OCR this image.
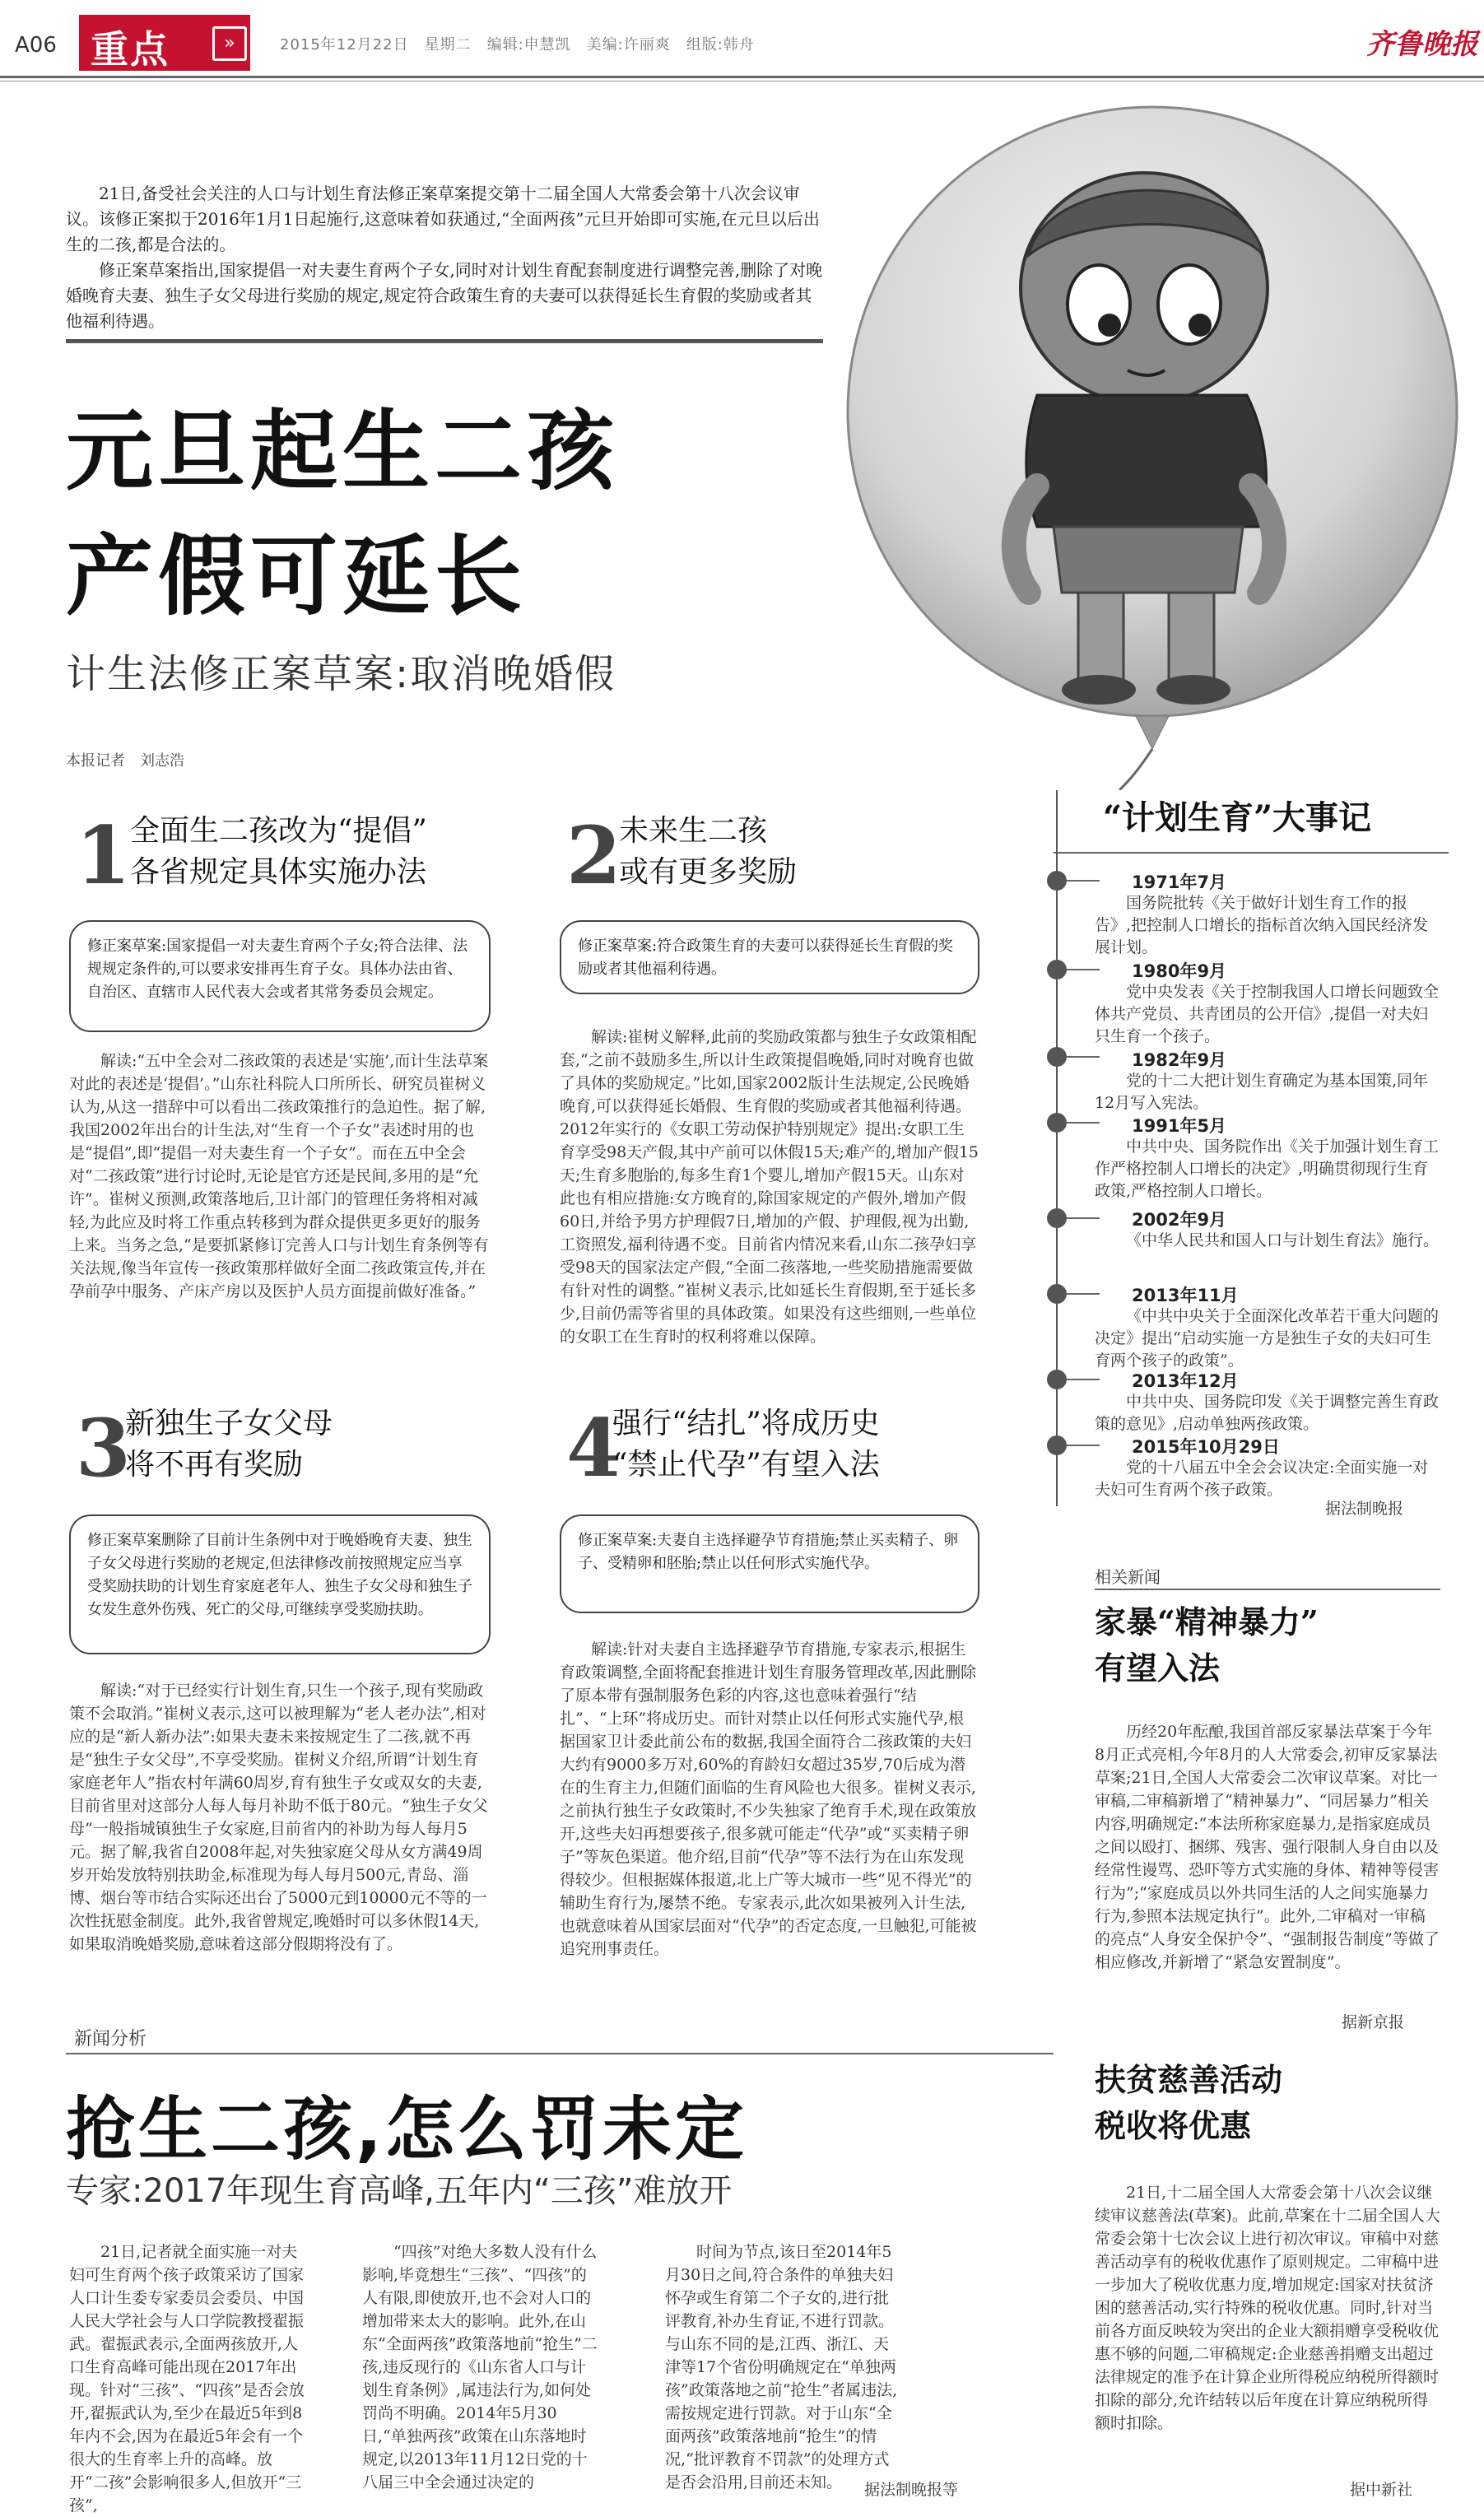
A06 重点	»	2015年12月22日　星期二　编辑:申慧凯　美编:许丽爽　组版:韩舟	齐鲁晚报
21日,备受社会关注的人口与计划生育法修正案草案提交第十二届全国人大常委会第十八次会议审议。该修正案拟于2016年1月1日起施行,这意味着如获通过,“全面两孩”元旦开始即可实施,在元旦以后出生的二孩,都是合法的。
修正案草案指出,国家提倡一对夫妻生育两个子女,同时对计划生育配套制度进行调整完善,删除了对晚婚晚育夫妻、独生子女父母进行奖励的规定,规定符合政策生育的夫妻可以获得延长生育假的奖励或者其他福利待遇。
元旦起生二孩
产假可延长
计生法修正案草案:取消晚婚假
本报记者　刘志浩
1 全面生二孩改为“提倡”
各省规定具体实施办法
修正案草案:国家提倡一对夫妻生育两个子女;符合法律、法规规定条件的,可以要求安排再生育子女。具体办法由省、自治区、直辖市人民代表大会或者其常务委员会规定。
解读:“五中全会对二孩政策的表述是‘实施’,而计生法草案对此的表述是‘提倡’。”山东社科院人口所所长、研究员崔树义认为,从这一措辞中可以看出二孩政策推行的急迫性。据了解,我国2002年出台的计生法,对“生育一个子女”表述时用的也是“提倡”,即“提倡一对夫妻生育一个子女”。而在五中全会对“二孩政策”进行讨论时,无论是官方还是民间,多用的是“允许”。崔树义预测,政策落地后,卫计部门的管理任务将相对减轻,为此应及时将工作重点转移到为群众提供更多更好的服务上来。当务之急,“是要抓紧修订完善人口与计划生育条例等有关法规,像当年宣传一孩政策那样做好全面二孩政策宣传,并在孕前孕中服务、产床产房以及医护人员方面提前做好准备。”
2
未来生二孩
或有更多奖励
修正案草案:符合政策生育的夫妻可以获得延长生育假的奖励或者其他福利待遇。
解读:崔树义解释,此前的奖励政策都与独生子女政策相配套,“之前不鼓励多生,所以计生政策提倡晚婚,同时对晚育也做了具体的奖励规定。”比如,国家2002版计生法规定,公民晚婚晚育,可以获得延长婚假、生育假的奖励或者其他福利待遇。2012年实行的《女职工劳动保护特别规定》提出:女职工生育享受98天产假,其中产前可以休假15天;难产的,增加产假15天;生育多胞胎的,每多生育1个婴儿,增加产假15天。山东对此也有相应措施:女方晚育的,除国家规定的产假外,增加产假60日,并给予男方护理假7日,增加的产假、护理假,视为出勤,工资照发,福利待遇不变。目前省内情况来看,山东二孩孕妇享受98天的国家法定产假,“全面二孩落地,一些奖励措施需要做有针对性的调整。”崔树义表示,比如延长生育假期,至于延长多少,目前仍需等省里的具体政策。如果没有这些细则,一些单位的女职工在生育时的权利将难以保障。
3
新独生子女父母
将不再有奖励
修正案草案删除了目前计生条例中对于晚婚晚育夫妻、独生子女父母进行奖励的老规定,但法律修改前按照规定应当享受奖励扶助的计划生育家庭老年人、独生子女父母和独生子女发生意外伤残、死亡的父母,可继续享受奖励扶助。
解读:“对于已经实行计划生育,只生一个孩子,现有奖励政策不会取消。”崔树义表示,这可以被理解为“老人老办法”,相对应的是“新人新办法”:如果夫妻未来按规定生了二孩,就不再是“独生子女父母”,不享受奖励。崔树义介绍,所谓“计划生育家庭老年人”指农村年满60周岁,育有独生子女或双女的夫妻,目前省里对这部分人每人每月补助不低于80元。“独生子女父母”一般指城镇独生子女家庭,目前省内的补助为每人每月5元。据了解,我省自2008年起,对失独家庭父母从女方满49周岁开始发放特别扶助金,标准现为每人每月500元,青岛、淄博、烟台等市结合实际还出台了5000元到10000元不等的一次性抚慰金制度。此外,我省曾规定,晚婚时可以多休假14天,如果取消晚婚奖励,意味着这部分假期将没有了。
4
强行“结扎”将成历史
“禁止代孕”有望入法
修正案草案:夫妻自主选择避孕节育措施;禁止买卖精子、卵子、受精卵和胚胎;禁止以任何形式实施代孕。
解读:针对夫妻自主选择避孕节育措施,专家表示,根据生育政策调整,全面将配套推进计划生育服务管理改革,因此删除了原本带有强制服务色彩的内容,这也意味着强行“结扎”、“上环”将成历史。而针对禁止以任何形式实施代孕,根据国家卫计委此前公布的数据,我国全面符合二孩政策的夫妇大约有9000多万对,60%的育龄妇女超过35岁,70后成为潜在的生育主力,但随们面临的生育风险也大很多。崔树义表示,之前执行独生子女政策时,不少失独家了绝育手术,现在政策放开,这些夫妇再想要孩子,很多就可能走“代孕”或“买卖精子卵子”等灰色渠道。他介绍,目前“代孕”等不法行为在山东发现得较少。但根据媒体报道,北上广等大城市一些“见不得光”的辅助生育行为,屡禁不绝。专家表示,此次如果被列入计生法,也就意味着从国家层面对“代孕”的否定态度,一旦触犯,可能被追究刑事责任。
“计划生育”大事记
1971年7月
国务院批转《关于做好计划生育工作的报告》,把控制人口增长的指标首次纳入国民经济发展计划。
1980年9月
党中央发表《关于控制我国人口增长问题致全体共产党员、共青团员的公开信》,提倡一对夫妇只生育一个孩子。
1982年9月
党的十二大把计划生育确定为基本国策,同年12月写入宪法。
1991年5月
中共中央、国务院作出《关于加强计划生育工作严格控制人口增长的决定》,明确贯彻现行生育政策,严格控制人口增长。
2002年9月
《中华人民共和国人口与计划生育法》施行。
2013年11月
《中共中央关于全面深化改革若干重大问题的决定》提出“启动实施一方是独生子女的夫妇可生育两个孩子的政策”。
2013年12月
中共中央、国务院印发《关于调整完善生育政策的意见》,启动单独两孩政策。
2015年10月29日
党的十八届五中全会会议决定:全面实施一对夫妇可生育两个孩子政策。
据法制晚报
相关新闻
家暴“精神暴力”
有望入法
历经20年酝酿,我国首部反家暴法草案于今年8月正式亮相,今年8月的人大常委会,初审反家暴法草案;21日,全国人大常委会二次审议草案。对比一审稿,二审稿新增了“精神暴力”、“同居暴力”相关内容,明确规定:“本法所称家庭暴力,是指家庭成员之间以殴打、捆绑、残害、强行限制人身自由以及经常性谩骂、恐吓等方式实施的身体、精神等侵害行为”;“家庭成员以外共同生活的人之间实施暴力行为,参照本法规定执行”。此外,二审稿对一审稿的亮点“人身安全保护令”、“强制报告制度”等做了相应修改,并新增了“紧急安置制度”。
据新京报
扶贫慈善活动
税收将优惠
21日,十二届全国人大常委会第十八次会议继续审议慈善法(草案)。此前,草案在十二届全国人大常委会第十七次会议上进行初次审议。审稿中对慈善活动享有的税收优惠作了原则规定。二审稿中进一步加大了税收优惠力度,增加规定:国家对扶贫济困的慈善活动,实行特殊的税收优惠。同时,针对当前各方面反映较为突出的企业大额捐赠享受税收优惠不够的问题,二审稿规定:企业慈善捐赠支出超过法律规定的准予在计算企业所得税应纳税所得额时扣除的部分,允许结转以后年度在计算应纳税所得额时扣除。
据中新社
新闻分析
抢生二孩,怎么罚未定
专家:2017年现生育高峰,五年内“三孩”难放开
21日,记者就全面实施一对夫妇可生育两个孩子政策采访了国家人口计生委专家委员会委员、中国人民大学社会与人口学院教授翟振武。翟振武表示,全面两孩放开,人口生育高峰可能出现在2017年出现。针对“三孩”、“四孩”是否会放开,翟振武认为,至少在最近5年到8年内不会,因为在最近5年会有一个很大的生育率上升的高峰。放开“二孩”会影响很多人,但放开“三孩”,
“四孩”对绝大多数人没有什么影响,毕竟想生“三孩”、“四孩”的人有限,即使放开,也不会对人口的增加带来太大的影响。此外,在山东“全面两孩”政策落地前“抢生”二孩,违反现行的《山东省人口与计划生育条例》,属违法行为,如何处罚尚不明确。2014年5月30日,“单独两孩”政策在山东落地时规定,以2013年11月12日党的十八届三中全会通过决定的
时间为节点,该日至2014年5月30日之间,符合条件的单独夫妇怀孕或生育第二个子女的,进行批评教育,补办生育证,不进行罚款。与山东不同的是,江西、浙江、天津等17个省份明确规定在“单独两孩”政策落地之前“抢生”者属违法,需按规定进行罚款。对于山东“全面两孩”政策落地前“抢生”的情况,“批评教育不罚款”的处理方式是否会沿用,目前还未知。	据法制晚报等
